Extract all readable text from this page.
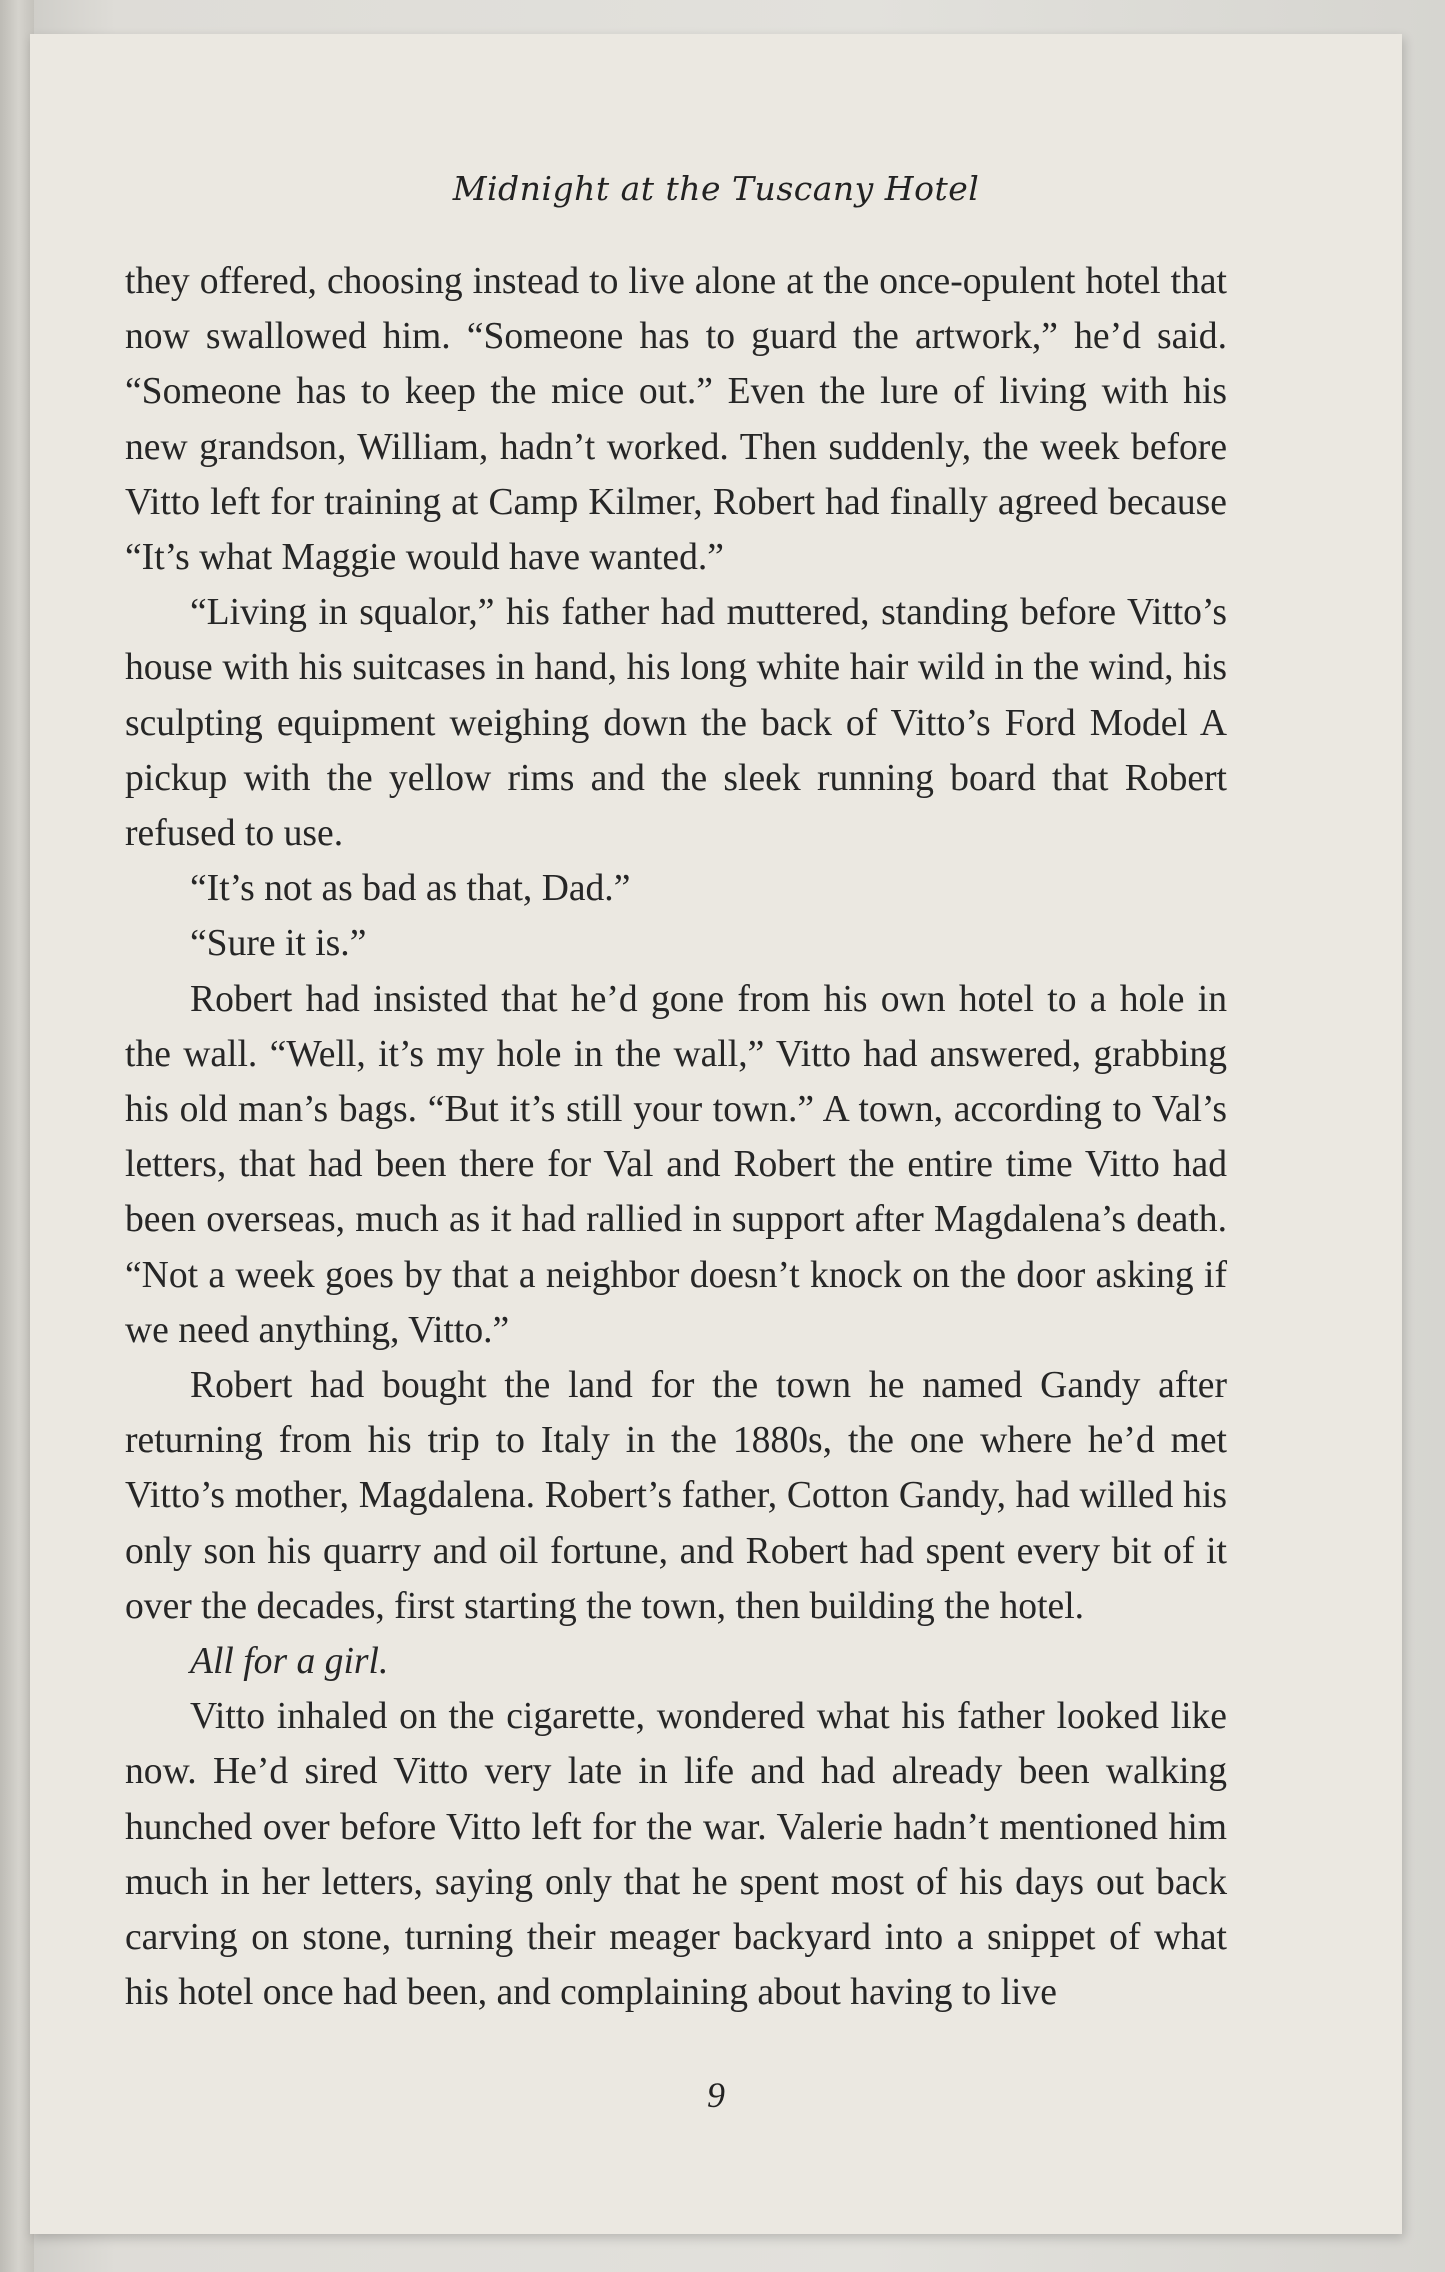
Midnight at the Tuscany Hotel

they offered, choosing instead to live alone at the once-opulent hotel that now swallowed him. “Someone has to guard the artwork,” he’d said. “Someone has to keep the mice out.” Even the lure of living with his new grandson, William, hadn’t worked. Then suddenly, the week before Vitto left for training at Camp Kilmer, Robert had finally agreed because “It’s what Maggie would have wanted.”

“Living in squalor,” his father had muttered, standing before Vitto’s house with his suitcases in hand, his long white hair wild in the wind, his sculpting equipment weighing down the back of Vitto’s Ford Model A pickup with the yellow rims and the sleek running board that Robert refused to use.

“It’s not as bad as that, Dad.”

“Sure it is.”

Robert had insisted that he’d gone from his own hotel to a hole in the wall. “Well, it’s my hole in the wall,” Vitto had answered, grabbing his old man’s bags. “But it’s still your town.” A town, according to Val’s letters, that had been there for Val and Robert the entire time Vitto had been overseas, much as it had rallied in support after Magdalena’s death. “Not a week goes by that a neighbor doesn’t knock on the door asking if we need anything, Vitto.”

Robert had bought the land for the town he named Gandy after returning from his trip to Italy in the 1880s, the one where he’d met Vitto’s mother, Magdalena. Robert’s father, Cotton Gandy, had willed his only son his quarry and oil fortune, and Robert had spent every bit of it over the decades, first starting the town, then building the hotel.

All for a girl.

Vitto inhaled on the cigarette, wondered what his father looked like now. He’d sired Vitto very late in life and had already been walking hunched over before Vitto left for the war. Valerie hadn’t mentioned him much in her letters, saying only that he spent most of his days out back carving on stone, turning their meager backyard into a snippet of what his hotel once had been, and complaining about having to live

9
